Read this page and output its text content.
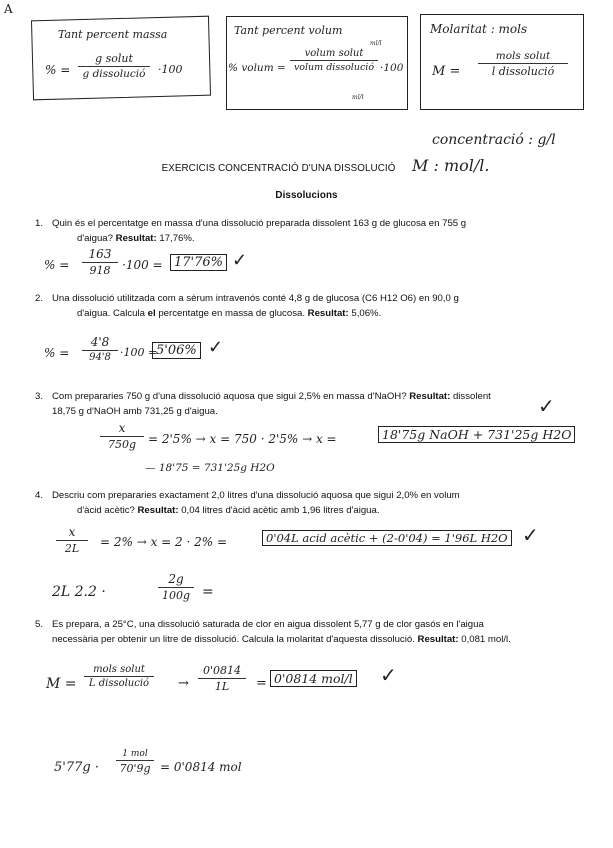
A
Tant percent massa
% =
g solut
g dissolució	·100
Tant percent volum
% volum =
volum solut
volum dissolució
ml/l
ml/l
·100
Molaritat : mols
M =
mols solut
l dissolució
concentració : g/l
M : mol/l.
EXERCICIS CONCENTRACIÓ D'UNA DISSOLUCIÓ
Dissolucions
1. Quin és el percentatge en massa d'una dissolució preparada dissolent 163 g de glucosa en 755 g
d'aigua? Resultat: 17,76%.
% =
163
918 ·100 = 17'76% ✓
2. Una dissolució utilitzada com a sèrum intravenós conté 4,8 g de glucosa (C6 H12 O6) en 90,0 g
d'aigua. Calcula el percentatge en massa de glucosa. Resultat: 5,06%.
% =
4'8
94'8 ·100 =
5'06% ✓
3. Com prepararies 750 g d'una dissolució aquosa que sigui 2,5% en massa d'NaOH? Resultat: dissolent
18,75 g d'NaOH amb 731,25 g d'aigua.	✓
x
750g = 2'5% → x = 750 · 2'5% → x =	18'75g NaOH + 731'25g H2O
— 18'75 = 731'25g H2O
4. Descriu com prepararies exactament 2,0 litres d'una dissolució aquosa que sigui 2,0% en volum
d'àcid acètic? Resultat: 0,04 litres d'àcid acètic amb 1,96 litres d'aigua.
x
2L	= 2% → x = 2 · 2% =	0'04L acid acètic + (2-0'04) = 1'96L H2O ✓
2L 2.2 ·
2g
100g =
5. Es prepara, a 25°C, una dissolució saturada de clor en aigua dissolent 5,77 g de clor gasós en l'aigua
necessària per obtenir un litre de dissolució. Calcula la molaritat d'aquesta dissolució. Resultat: 0,081 mol/l.
M =
mols solut
L dissolució	→
0'0814
1L	= 0'0814 mol/l ✓
5'77g ·
1 mol
70'9g = 0'0814 mol
